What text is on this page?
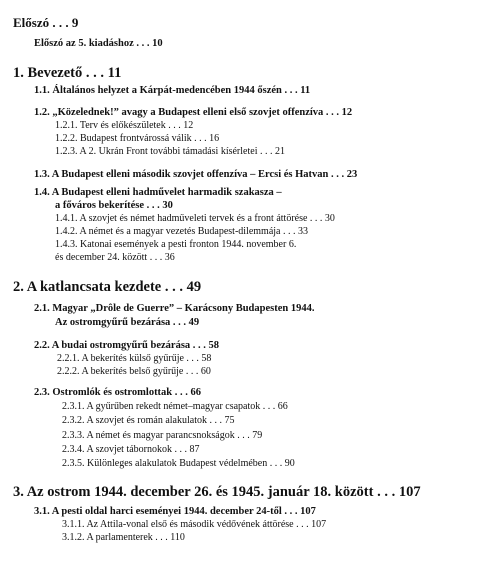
Előszó . . . 9
Előszó az 5. kiadáshoz . . . 10
1. Bevezető . . . 11
1.1. Általános helyzet a Kárpát-medencében 1944 őszén . . . 11
1.2. „Közelednek!” avagy a Budapest elleni első szovjet offenzíva . . . 12
1.2.1. Terv és előkészületek . . . 12
1.2.2. Budapest frontvárossá válik . . . 16
1.2.3. A 2. Ukrán Front további támadási kísérletei . . . 21
1.3. A Budapest elleni második szovjet offenzíva – Ercsi és Hatvan . . . 23
1.4. A Budapest elleni hadművelet harmadik szakasza –
a főváros bekerítése . . . 30
1.4.1. A szovjet és német hadműveleti tervek és a front áttörése . . . 30
1.4.2. A német és a magyar vezetés Budapest-dilemmája . . . 33
1.4.3. Katonai események a pesti fronton 1944. november 6.
és december 24. között . . . 36
2. A katlancsata kezdete . . . 49
2.1. Magyar „Drôle de Guerre” – Karácsony Budapesten 1944.
Az ostromgyűrű bezárása . . . 49
2.2. A budai ostromgyűrű bezárása . . . 58
2.2.1. A bekerítés külső gyűrűje . . . 58
2.2.2. A bekerítés belső gyűrűje . . . 60
2.3. Ostromlók és ostromlottak . . . 66
2.3.1. A gyűrűben rekedt német–magyar csapatok . . . 66
2.3.2. A szovjet és román alakulatok . . . 75
2.3.3. A német és magyar parancsnokságok . . . 79
2.3.4. A szovjet tábornokok . . . 87
2.3.5. Különleges alakulatok Budapest védelmében . . . 90
3. Az ostrom 1944. december 26. és 1945. január 18. között . . . 107
3.1. A pesti oldal harci eseményei 1944. december 24-től . . . 107
3.1.1. Az Attila-vonal első és második védővének áttörése . . . 107
3.1.2. A parlamenterek . . . 110
